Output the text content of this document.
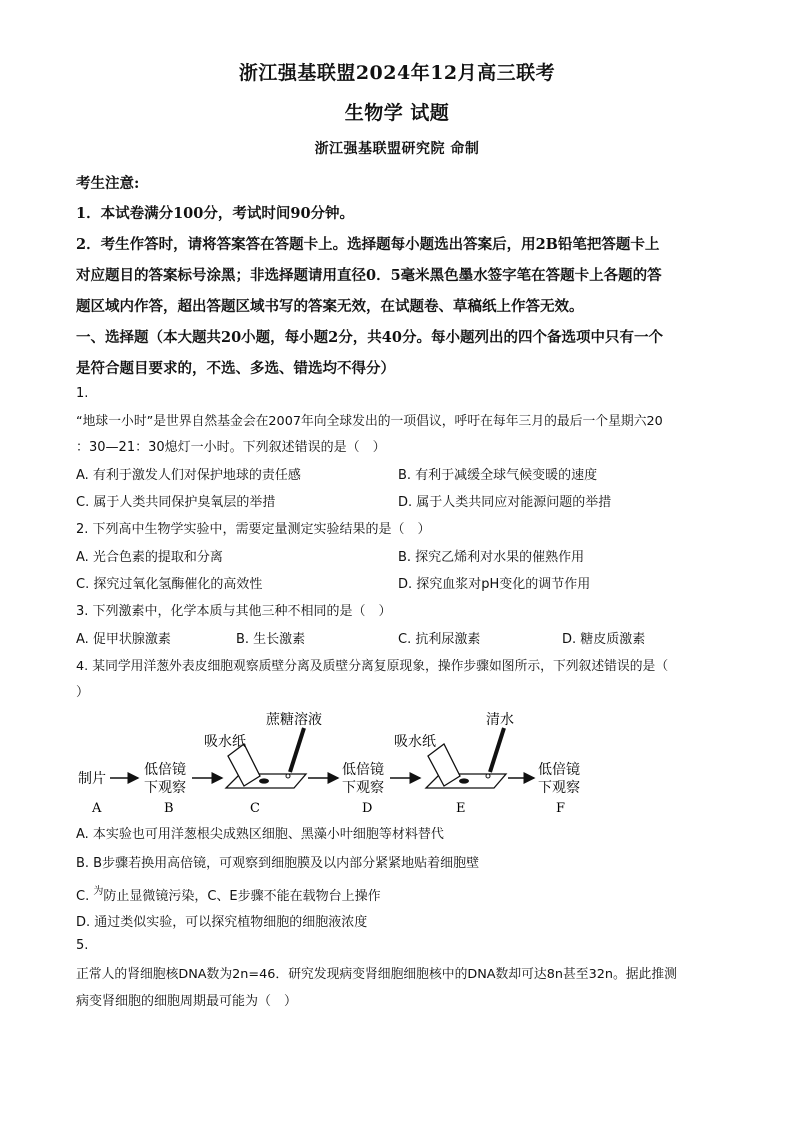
浙江强基联盟2024年12月高三联考
生物学 试题
浙江强基联盟研究院 命制
考生注意:
1．本试卷满分100分，考试时间90分钟。
2．考生作答时，请将答案答在答题卡上。选择题每小题选出答案后，用2B铅笔把答题卡上
对应题目的答案标号涂黑；非选择题请用直径0．5毫米黑色墨水签字笔在答题卡上各题的答
题区域内作答，超出答题区域书写的答案无效，在试题卷、草稿纸上作答无效。
一、选择题（本大题共20小题，每小题2分，共40分。每小题列出的四个备选项中只有一个
是符合题目要求的，不选、多选、错选均不得分）
1.
“地球一小时”是世界自然基金会在2007年向全球发出的一项倡议，呼吁在每年三月的最后一个星期六20
：30—21：30熄灯一小时。下列叙述错误的是（　）
A. 有利于激发人们对保护地球的责任感	B. 有利于减缓全球气候变暖的速度
C. 属于人类共同保护臭氧层的举措	D. 属于人类共同应对能源问题的举措
2. 下列高中生物学实验中，需要定量测定实验结果的是（　）
A. 光合色素的提取和分离	B. 探究乙烯利对水果的催熟作用
C. 探究过氧化氢酶催化的高效性	D. 探究血浆对pH变化的调节作用
3. 下列激素中，化学本质与其他三种不相同的是（　）
A. 促甲状腺激素	B. 生长激素	C. 抗利尿激素	D. 糖皮质激素
4. 某同学用洋葱外表皮细胞观察质壁分离及质壁分离复原现象，操作步骤如图所示，下列叙述错误的是（
）
制片
低倍镜
下观察
吸水纸
蔗糖溶液
低倍镜
下观察
吸水纸
清水
低倍镜
下观察
A	B	C	D	E	F
A. 本实验也可用洋葱根尖成熟区细胞、黑藻小叶细胞等材料替代
B. B步骤若换用高倍镜，可观察到细胞膜及以内部分紧紧地贴着细胞壁
C. $^为$防止显微镜污染，C、E步骤不能在载物台上操作
D. 通过类似实验，可以探究植物细胞的细胞液浓度
5.
正常人的肾细胞核DNA数为2n=46．研究发现病变肾细胞细胞核中的DNA数却可达8n甚至32n。据此推测
病变肾细胞的细胞周期最可能为（　）
